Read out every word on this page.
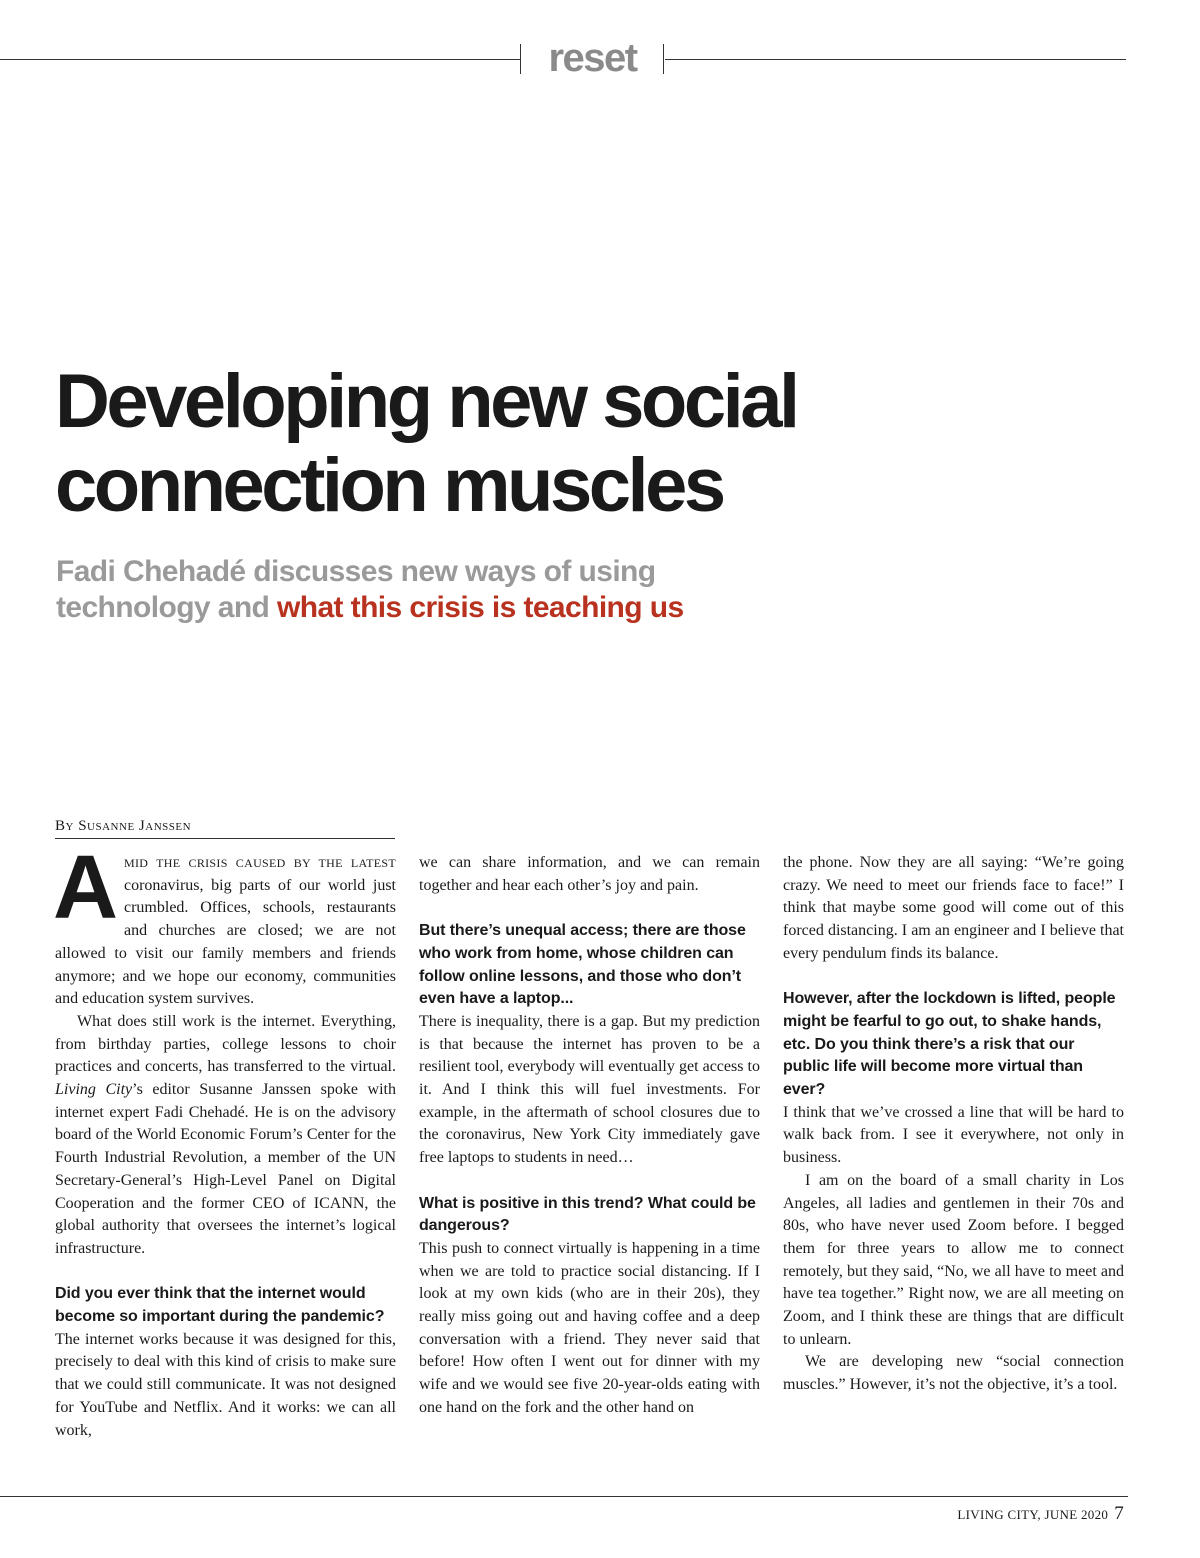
reset
Developing new social
connection muscles
Fadi Chehadé discusses new ways of using
technology and what this crisis is teaching us
By Susanne Janssen

AMID THE CRISIS CAUSED BY THE LATEST coronavirus, big parts of our world just crumbled. Offices, schools, restaurants and churches are closed; we are not allowed to visit our family members and friends anymore; and we hope our economy, communities and education system survives.

What does still work is the internet. Everything, from birthday parties, college lessons to choir practices and concerts, has transferred to the virtual. Living City’s editor Susanne Janssen spoke with internet expert Fadi Chehadé. He is on the advisory board of the World Economic Forum’s Center for the Fourth Industrial Revolution, a member of the UN Secretary-General’s High-Level Panel on Digital Cooperation and the former CEO of ICANN, the global authority that oversees the internet’s logical infrastructure.

Did you ever think that the internet would become so important during the pandemic?

The internet works because it was designed for this, precisely to deal with this kind of crisis to make sure that we could still communicate. It was not designed for YouTube and Netflix. And it works: we can all work,

we can share information, and we can remain together and hear each other’s joy and pain.

But there’s unequal access; there are those who work from home, whose children can follow online lessons, and those who don’t even have a laptop...

There is inequality, there is a gap. But my prediction is that because the internet has proven to be a resilient tool, everybody will eventually get access to it. And I think this will fuel investments. For example, in the aftermath of school closures due to the coronavirus, New York City immediately gave free laptops to students in need…

What is positive in this trend? What could be dangerous?

This push to connect virtually is happening in a time when we are told to practice social distancing. If I look at my own kids (who are in their 20s), they really miss going out and having coffee and a deep conversation with a friend. They never said that before! How often I went out for dinner with my wife and we would see five 20-year-olds eating with one hand on the fork and the other hand on

the phone. Now they are all saying: “We’re going crazy. We need to meet our friends face to face!” I think that maybe some good will come out of this forced distancing. I am an engineer and I believe that every pendulum finds its balance.

However, after the lockdown is lifted, people might be fearful to go out, to shake hands, etc. Do you think there’s a risk that our public life will become more virtual than ever?

I think that we’ve crossed a line that will be hard to walk back from. I see it everywhere, not only in business.

I am on the board of a small charity in Los Angeles, all ladies and gentlemen in their 70s and 80s, who have never used Zoom before. I begged them for three years to allow me to connect remotely, but they said, “No, we all have to meet and have tea together.” Right now, we are all meeting on Zoom, and I think these are things that are difficult to unlearn.

We are developing new “social connection muscles.” However, it’s not the objective, it’s a tool.

LIVING CITY, JUNE 2020 7
